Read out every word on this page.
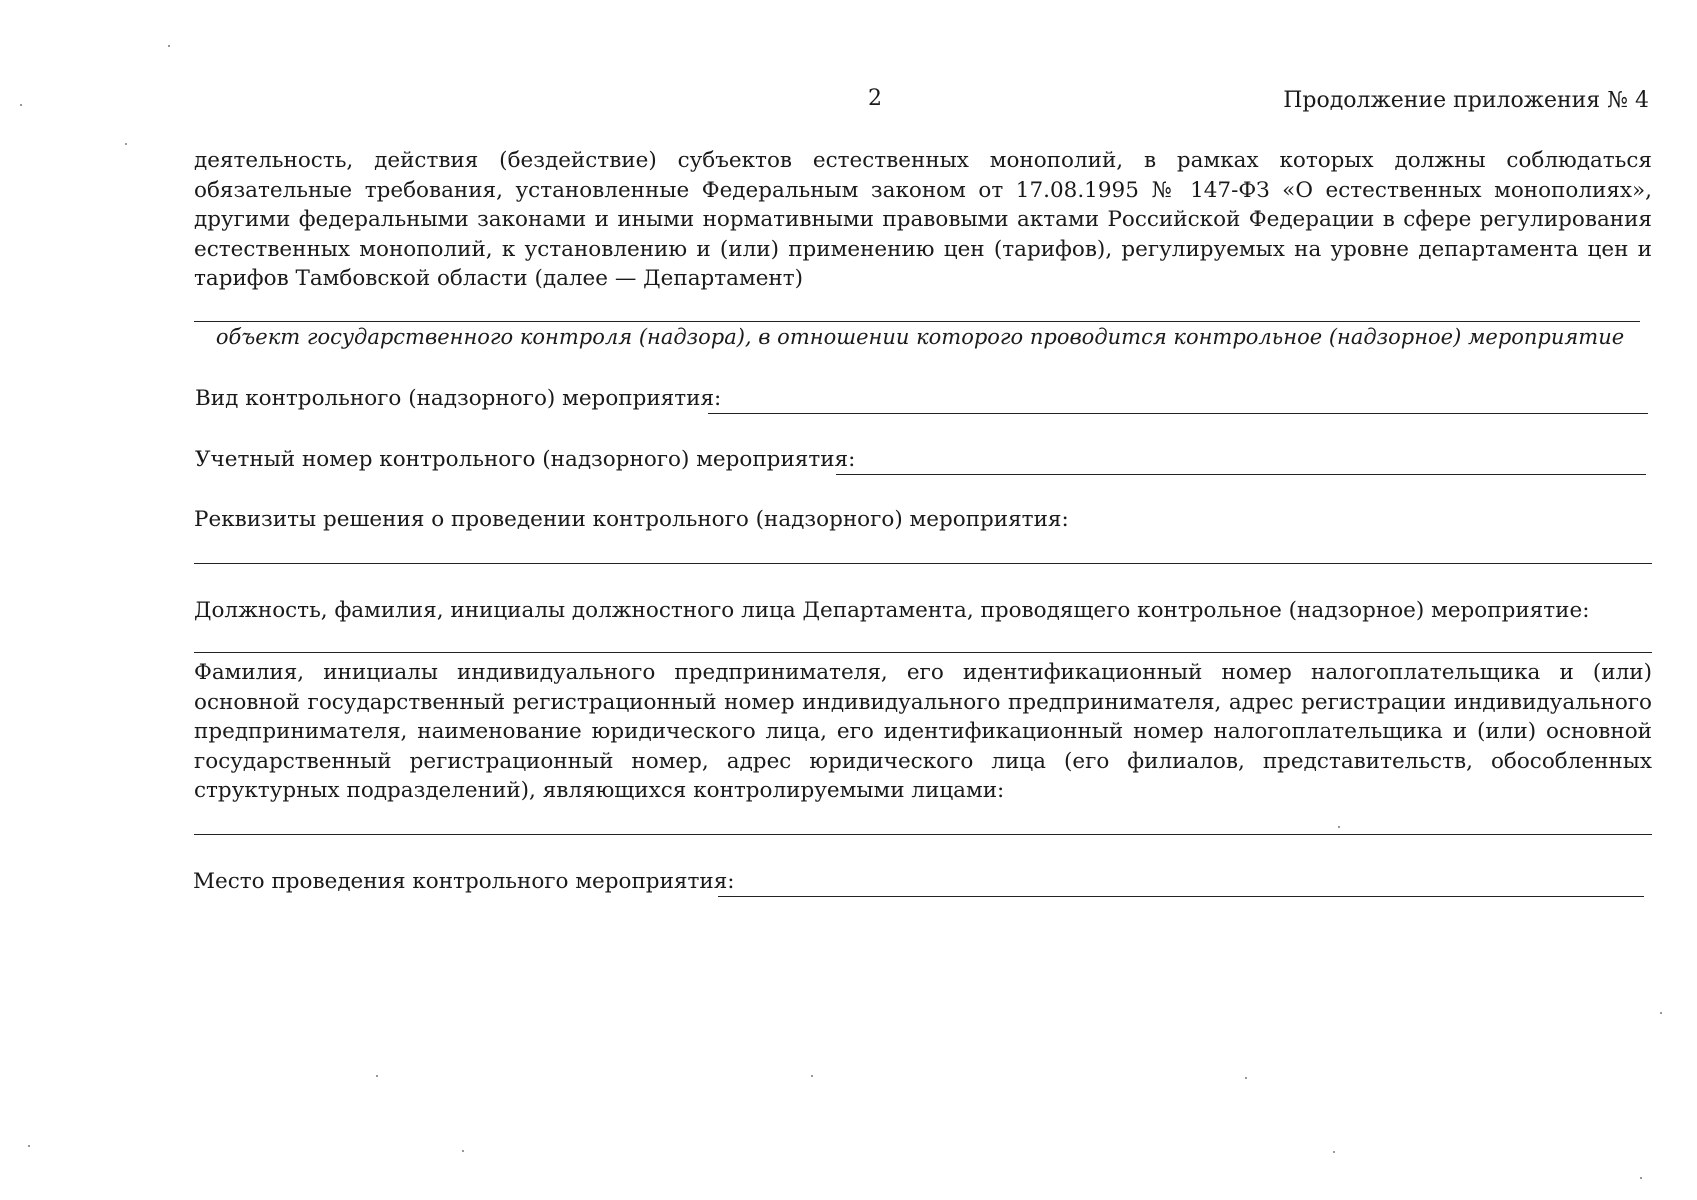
2	Продолжение приложения № 4
деятельность, действия (бездействие) субъектов естественных монополий, в рамках которых должны соблюдаться обязательные требования, установленные Федеральным законом от 17.08.1995 № 147-ФЗ «О естественных монополиях», другими федеральными законами и иными нормативными правовыми актами Российской Федерации в сфере регулирования естественных монополий, к установлению и (или) применению цен (тарифов), регулируемых на уровне департамента цен и тарифов Тамбовской области (далее — Департамент)
объект государственного контроля (надзора), в отношении которого проводится контрольное (надзорное) мероприятие
Вид контрольного (надзорного) мероприятия:
Учетный номер контрольного (надзорного) мероприятия:
Реквизиты решения о проведении контрольного (надзорного) мероприятия:
Должность, фамилия, инициалы должностного лица Департамента, проводящего контрольное (надзорное) мероприятие:
Фамилия, инициалы индивидуального предпринимателя, его идентификационный номер налогоплательщика и (или) основной государственный регистрационный номер индивидуального предпринимателя, адрес регистрации индивидуального предпринимателя, наименование юридического лица, его идентификационный номер налогоплательщика и (или) основной государственный регистрационный номер, адрес юридического лица (его филиалов, представительств, обособленных структурных подразделений), являющихся контролируемыми лицами:
Место проведения контрольного мероприятия:
